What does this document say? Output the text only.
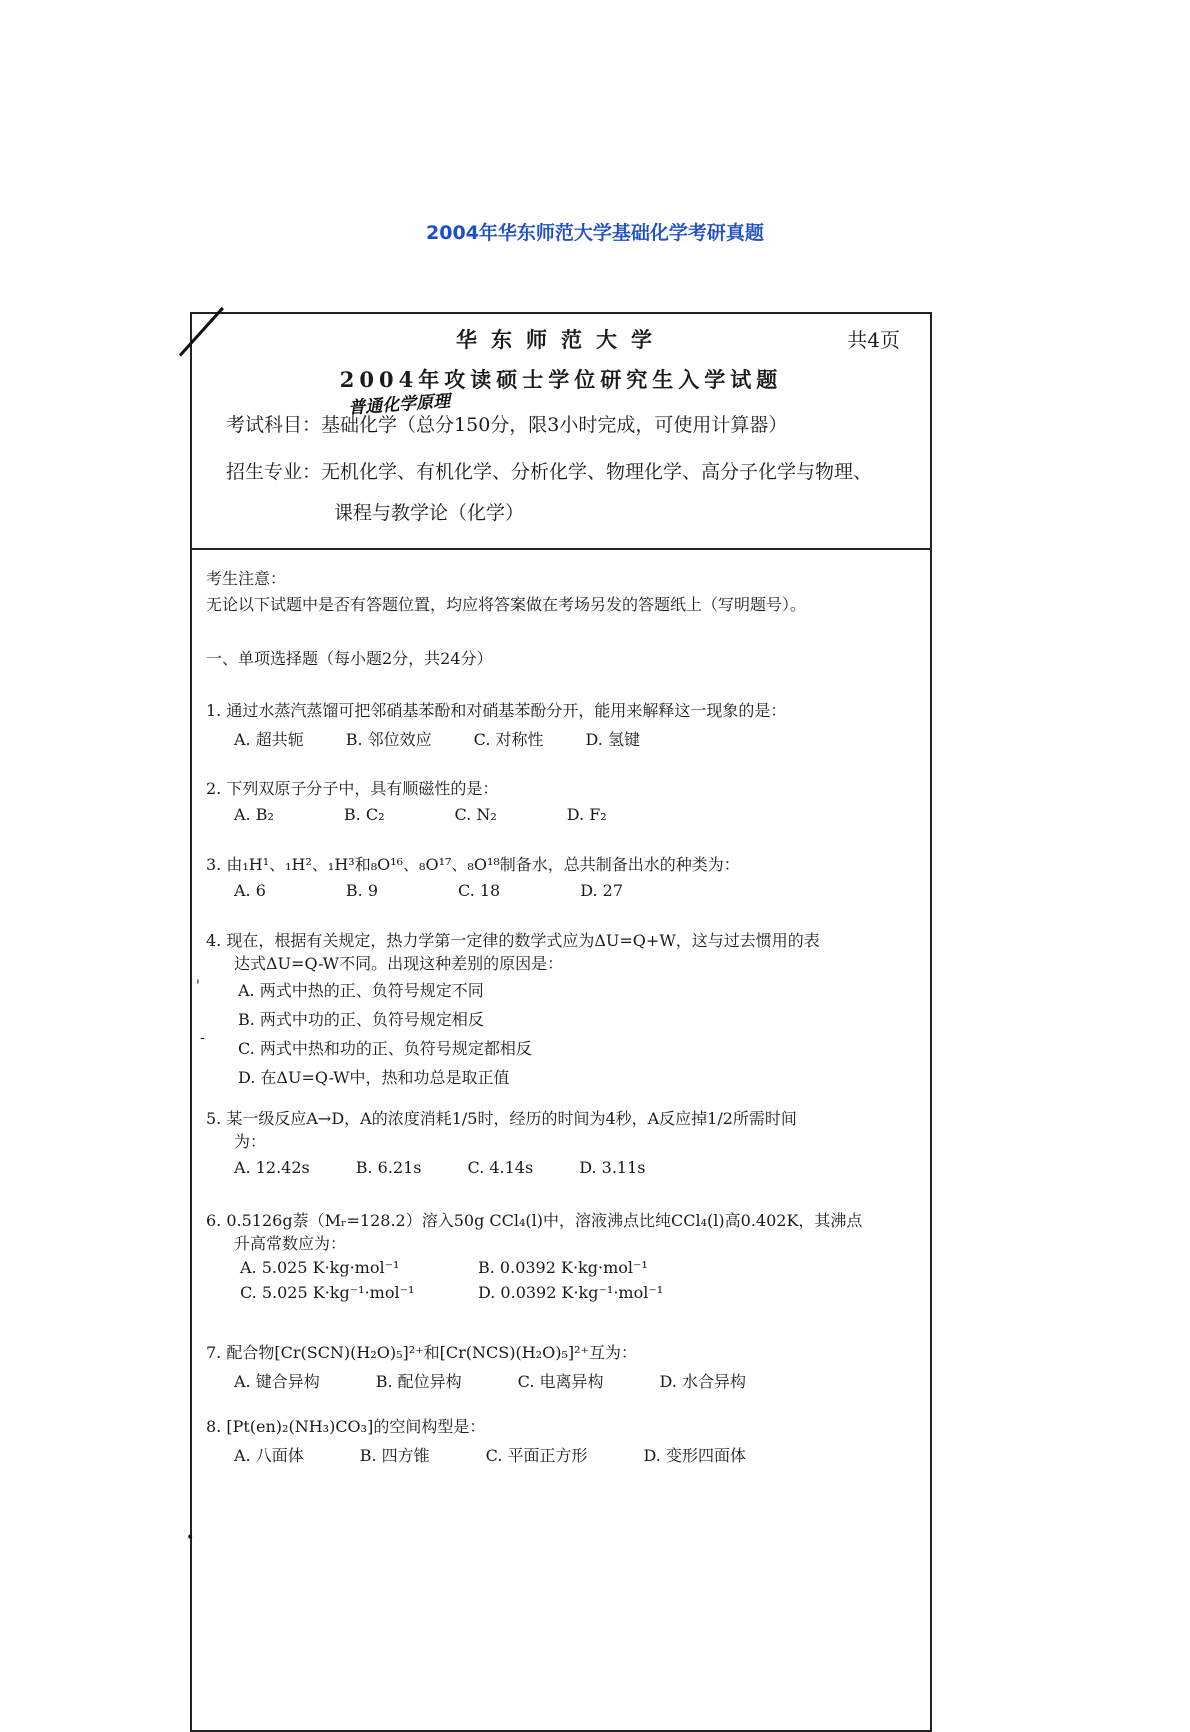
2004年华东师范大学基础化学考研真题
华东师范大学	共4页
2004年攻读硕士学位研究生入学试题
普通化学原理
考试科目：基础化学（总分150分，限3小时完成，可使用计算器）
招生专业：无机化学、有机化学、分析化学、物理化学、高分子化学与物理、
课程与教学论（化学）
考生注意：
无论以下试题中是否有答题位置，均应将答案做在考场另发的答题纸上（写明题号）。
一、单项选择题（每小题2分，共24分）
1. 通过水蒸汽蒸馏可把邻硝基苯酚和对硝基苯酚分开，能用来解释这一现象的是：
A. 超共轭	B. 邻位效应	C. 对称性	D. 氢键
2. 下列双原子分子中，具有顺磁性的是：
A. B₂	B. C₂	C. N₂	D. F₂
3. 由₁H¹、₁H²、₁H³和₈O¹⁶、₈O¹⁷、₈O¹⁸制备水，总共制备出水的种类为：
A. 6	B. 9	C. 18	D. 27
4. 现在，根据有关规定，热力学第一定律的数学式应为ΔU=Q+W，这与过去惯用的表
达式ΔU=Q-W不同。出现这种差别的原因是：
A. 两式中热的正、负符号规定不同
B. 两式中功的正、负符号规定相反
C. 两式中热和功的正、负符号规定都相反
D. 在ΔU=Q-W中，热和功总是取正值
5. 某一级反应A→D，A的浓度消耗1/5时，经历的时间为4秒，A反应掉1/2所需时间
为：
A. 12.42s	B. 6.21s	C. 4.14s	D. 3.11s
6. 0.5126g萘（Mᵣ=128.2）溶入50g CCl₄(l)中，溶液沸点比纯CCl₄(l)高0.402K，其沸点
升高常数应为：
A. 5.025 K·kg·mol⁻¹	B. 0.0392 K·kg·mol⁻¹
C. 5.025 K·kg⁻¹·mol⁻¹	D. 0.0392 K·kg⁻¹·mol⁻¹
7. 配合物[Cr(SCN)(H₂O)₅]²⁺和[Cr(NCS)(H₂O)₅]²⁺互为：
A. 键合异构	B. 配位异构	C. 电离异构	D. 水合异构
8. [Pt(en)₂(NH₃)CO₃]的空间构型是：
A. 八面体	B. 四方锥	C. 平面正方形	D. 变形四面体
'
-
•
